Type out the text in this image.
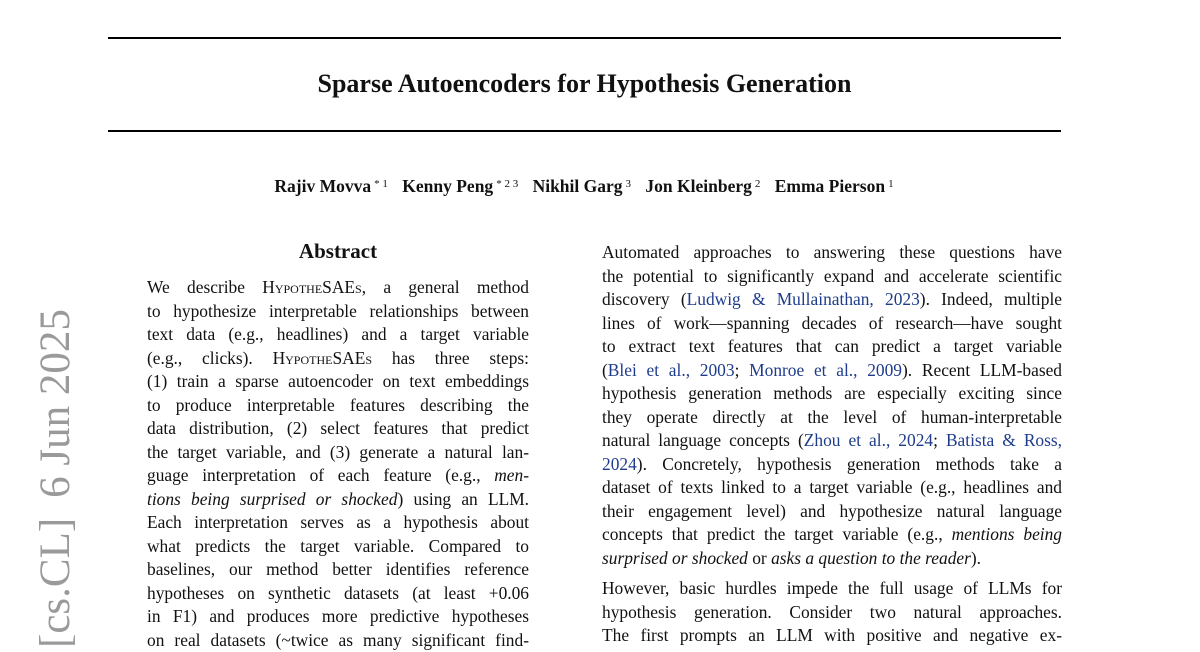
Sparse Autoencoders for Hypothesis Generation
Rajiv Movva $^{* 1}$ Kenny Peng $^{* 2 3}$ Nikhil Garg $^3$ Jon Kleinberg $^2$ Emma Pierson $^1$
[cs.CL]6 Jun 2025
Abstract
We describe HypotheSAEs, a general method
to hypothesize interpretable relationships between
text data (e.g., headlines) and a target variable
(e.g., clicks). HypotheSAEs has three steps:
(1) train a sparse autoencoder on text embeddings
to produce interpretable features describing the
data distribution, (2) select features that predict
the target variable, and (3) generate a natural lan-
guage interpretation of each feature (e.g., men-
tions being surprised or shocked) using an LLM.
Each interpretation serves as a hypothesis about
what predicts the target variable. Compared to
baselines, our method better identifies reference
hypotheses on synthetic datasets (at least +0.06
in F1) and produces more predictive hypotheses
on real datasets (~twice as many significant find-
Automated approaches to answering these questions have
the potential to significantly expand and accelerate scientific
discovery (Ludwig & Mullainathan, 2023). Indeed, multiple
lines of work—spanning decades of research—have sought
to extract text features that can predict a target variable
(Blei et al., 2003; Monroe et al., 2009). Recent LLM-based
hypothesis generation methods are especially exciting since
they operate directly at the level of human-interpretable
natural language concepts (Zhou et al., 2024; Batista & Ross,
2024). Concretely, hypothesis generation methods take a
dataset of texts linked to a target variable (e.g., headlines and
their engagement level) and hypothesize natural language
concepts that predict the target variable (e.g., mentions being
surprised or shocked or asks a question to the reader).
However, basic hurdles impede the full usage of LLMs for
hypothesis generation. Consider two natural approaches.
The first prompts an LLM with positive and negative ex-
